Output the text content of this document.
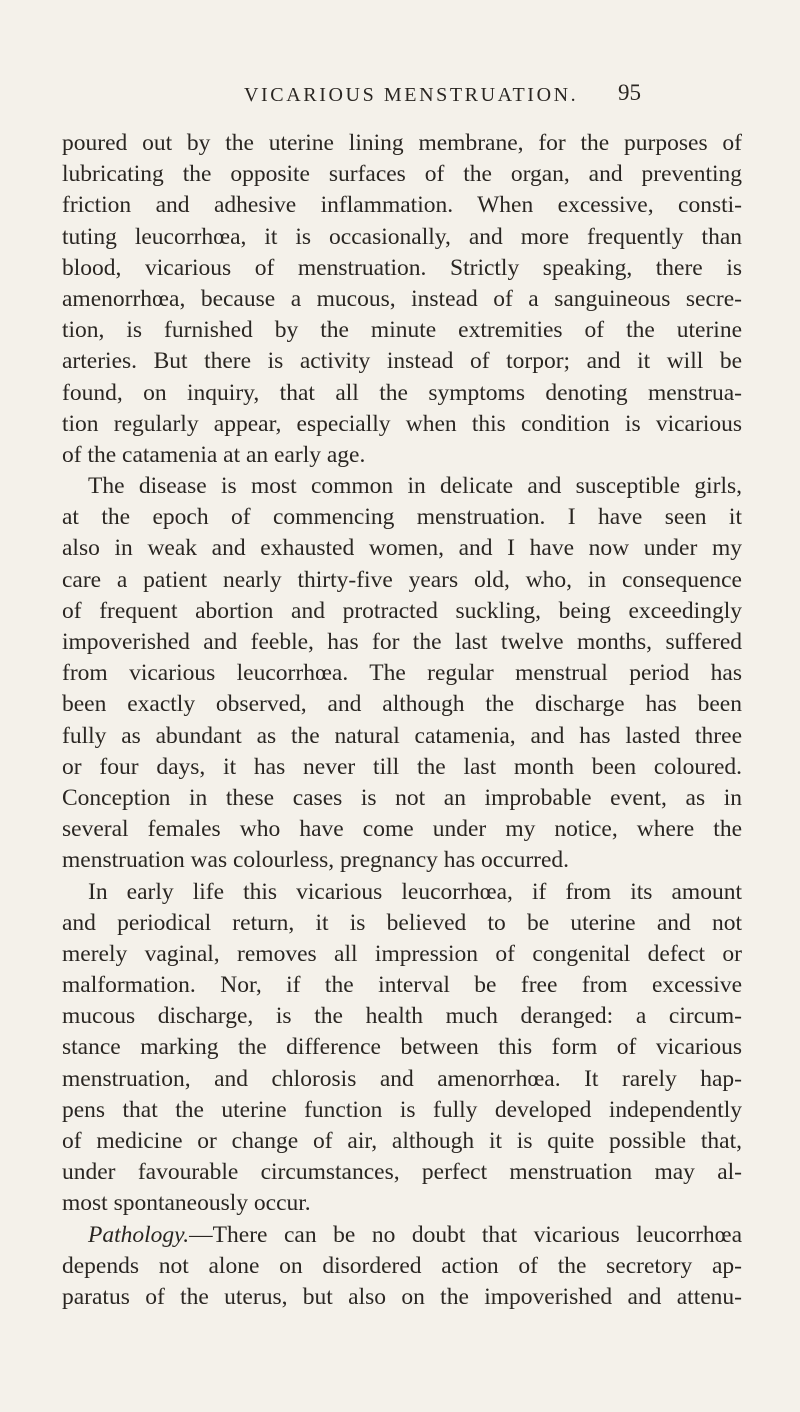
VICARIOUS MENSTRUATION. 95
poured out by the uterine lining membrane, for the purposes of
lubricating the opposite surfaces of the organ, and preventing
friction and adhesive inflammation. When excessive, consti-
tuting leucorrhœa, it is occasionally, and more frequently than
blood, vicarious of menstruation. Strictly speaking, there is
amenorrhœa, because a mucous, instead of a sanguineous secre-
tion, is furnished by the minute extremities of the uterine
arteries. But there is activity instead of torpor; and it will be
found, on inquiry, that all the symptoms denoting menstrua-
tion regularly appear, especially when this condition is vicarious
of the catamenia at an early age.
The disease is most common in delicate and susceptible girls,
at the epoch of commencing menstruation. I have seen it
also in weak and exhausted women, and I have now under my
care a patient nearly thirty-five years old, who, in consequence
of frequent abortion and protracted suckling, being exceedingly
impoverished and feeble, has for the last twelve months, suffered
from vicarious leucorrhœa. The regular menstrual period has
been exactly observed, and although the discharge has been
fully as abundant as the natural catamenia, and has lasted three
or four days, it has never till the last month been coloured.
Conception in these cases is not an improbable event, as in
several females who have come under my notice, where the
menstruation was colourless, pregnancy has occurred.
In early life this vicarious leucorrhœa, if from its amount
and periodical return, it is believed to be uterine and not
merely vaginal, removes all impression of congenital defect or
malformation. Nor, if the interval be free from excessive
mucous discharge, is the health much deranged: a circum-
stance marking the difference between this form of vicarious
menstruation, and chlorosis and amenorrhœa. It rarely hap-
pens that the uterine function is fully developed independently
of medicine or change of air, although it is quite possible that,
under favourable circumstances, perfect menstruation may al-
most spontaneously occur.
Pathology.—There can be no doubt that vicarious leucorrhœa
depends not alone on disordered action of the secretory ap-
paratus of the uterus, but also on the impoverished and attenu-
